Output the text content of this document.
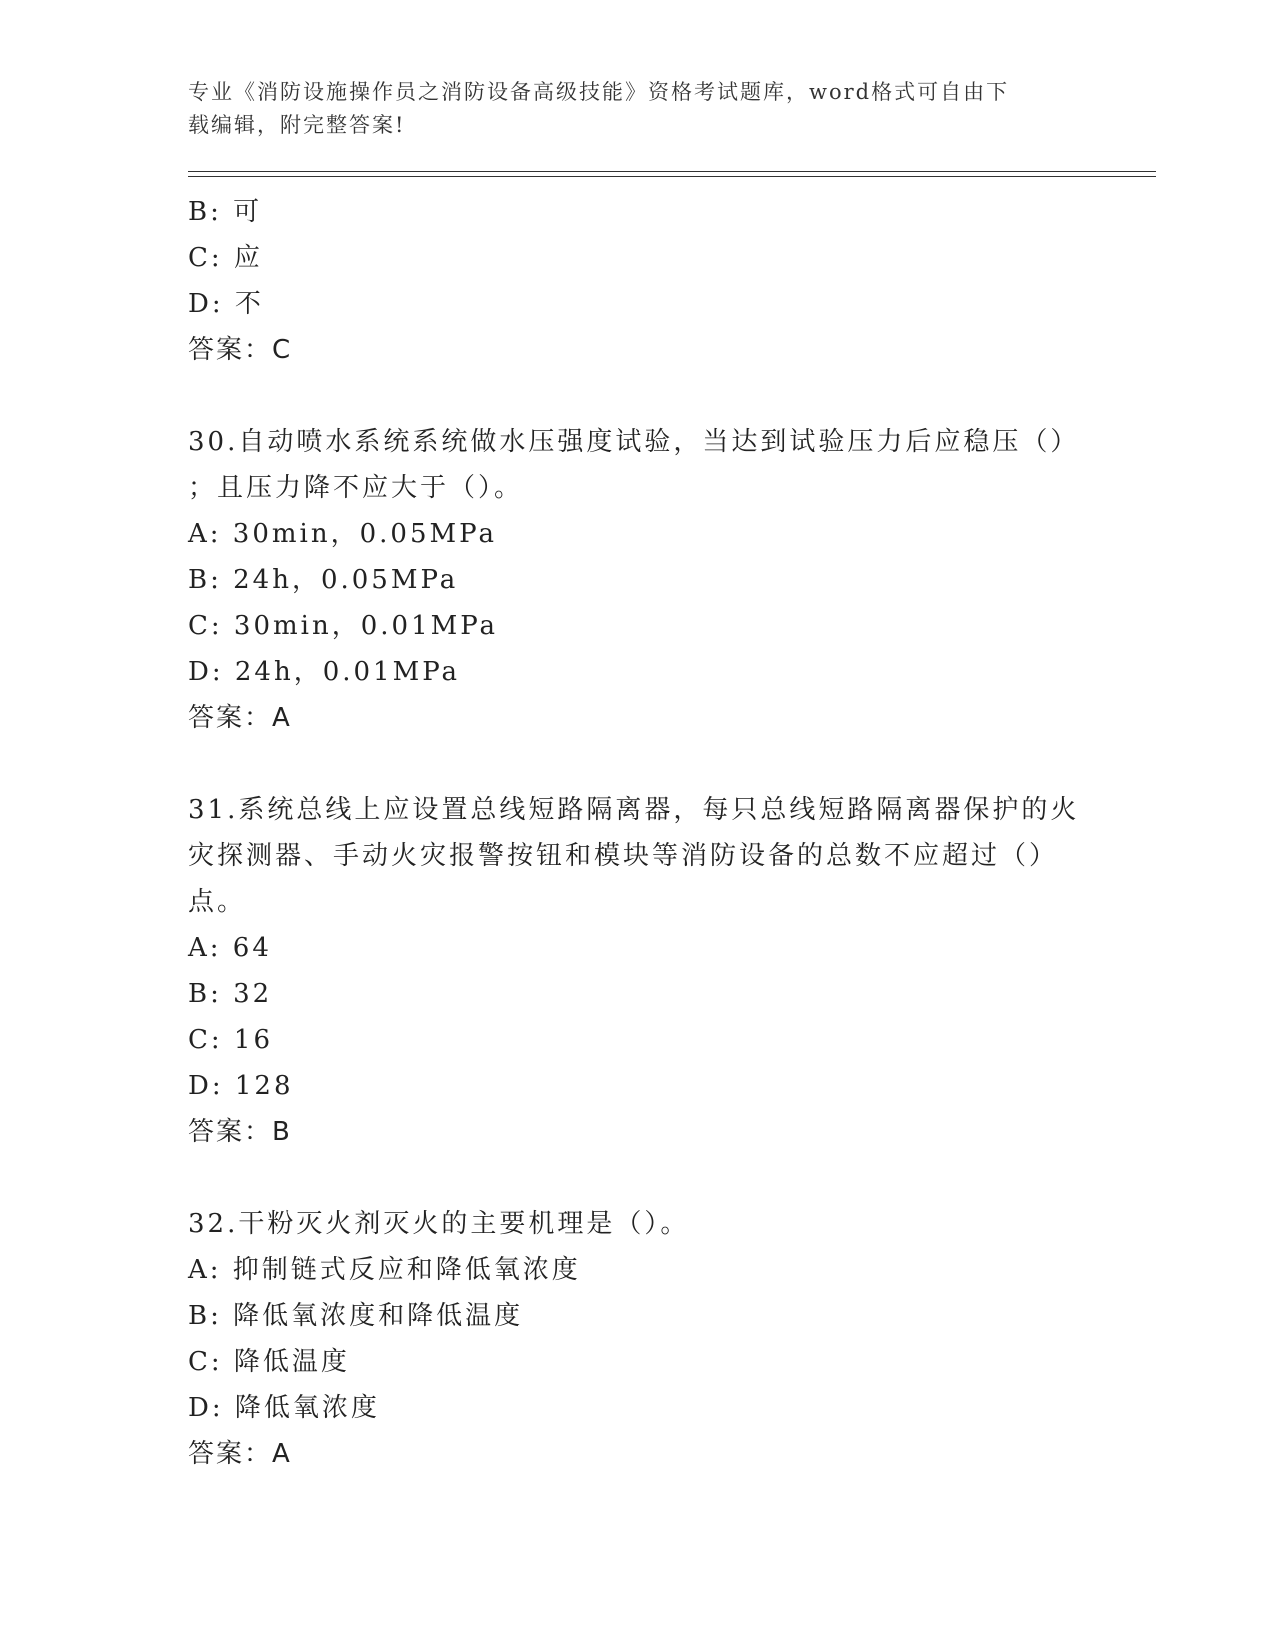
专业《消防设施操作员之消防设备高级技能》资格考试题库，word格式可自由下
载编辑，附完整答案!
B: 可
C: 应
D: 不
答案：C
30.自动喷水系统系统做水压强度试验，当达到试验压力后应稳压（）
；且压力降不应大于（）。
A: 30min，0.05MPa
B: 24h，0.05MPa
C: 30min，0.01MPa
D: 24h，0.01MPa
答案：A
31.系统总线上应设置总线短路隔离器，每只总线短路隔离器保护的火
灾探测器、手动火灾报警按钮和模块等消防设备的总数不应超过（）
点。
A: 64
B: 32
C: 16
D: 128
答案：B
32.干粉灭火剂灭火的主要机理是（）。
A: 抑制链式反应和降低氧浓度
B: 降低氧浓度和降低温度
C: 降低温度
D: 降低氧浓度
答案：A
